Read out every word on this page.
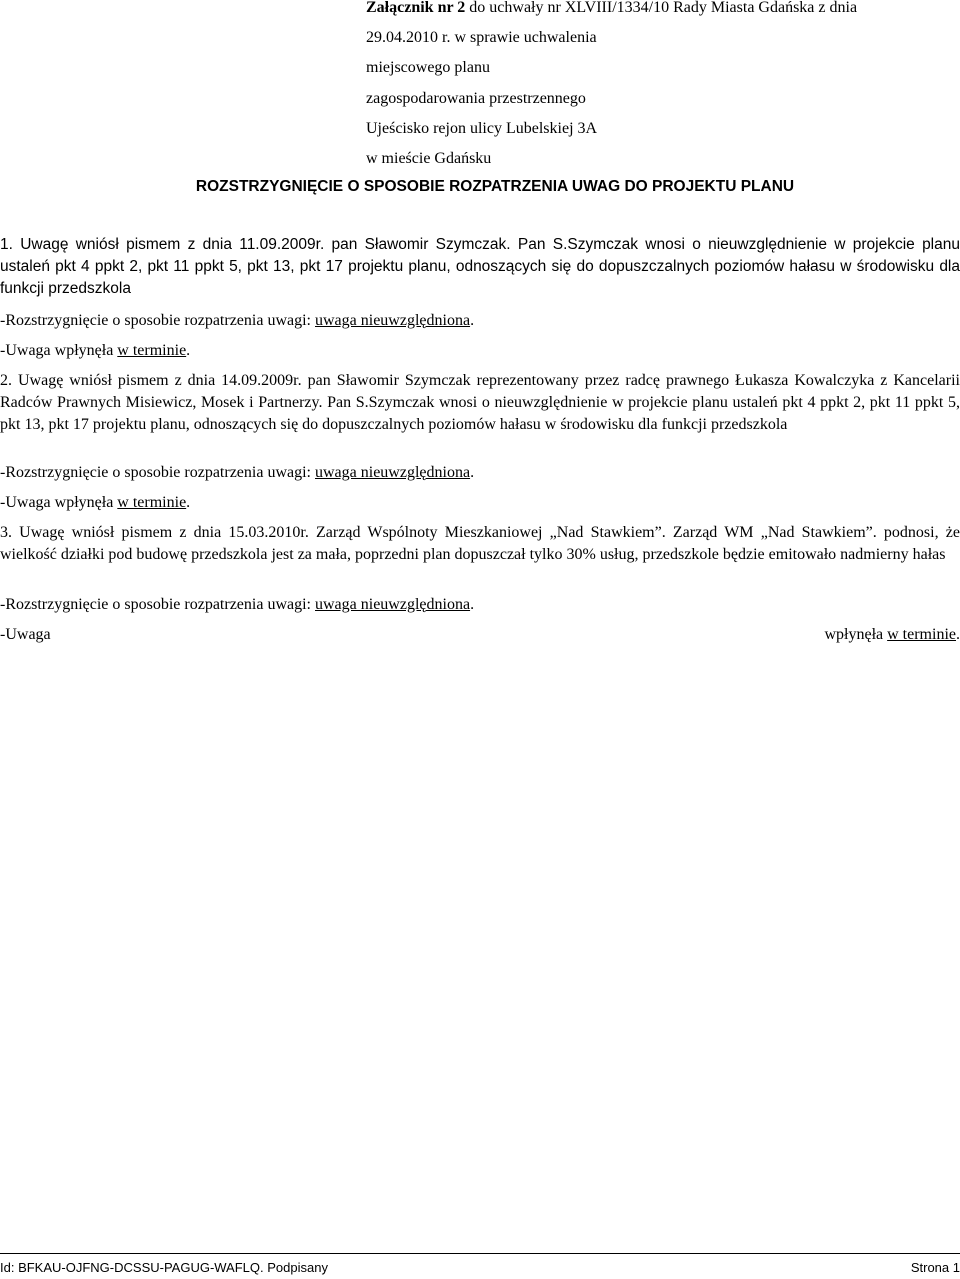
Załącznik nr 2 do uchwały nr XLVIII/1334/10 Rady Miasta Gdańska z dnia

29.04.2010 r. w sprawie uchwalenia

miejscowego planu

zagospodarowania przestrzennego

Ujeścisko rejon ulicy Lubelskiej 3A

w mieście Gdańsku

ROZSTRZYGNIĘCIE O SPOSOBIE ROZPATRZENIA UWAG DO PROJEKTU PLANU

1. Uwagę wniósł pismem z dnia 11.09.2009r. pan Sławomir Szymczak. Pan S.Szymczak wnosi o nieuwzględnienie w projekcie planu ustaleń pkt 4 ppkt 2, pkt 11 ppkt 5, pkt 13, pkt 17 projektu planu, odnoszących się do dopuszczalnych poziomów hałasu w środowisku dla funkcji przedszkola

-Rozstrzygnięcie o sposobie rozpatrzenia uwagi: uwaga nieuwzględniona.

-Uwaga wpłynęła w terminie.

2. Uwagę wniósł pismem z dnia 14.09.2009r. pan Sławomir Szymczak reprezentowany przez radcę prawnego Łukasza Kowalczyka z Kancelarii Radców Prawnych Misiewicz, Mosek i Partnerzy. Pan S.Szymczak wnosi o nieuwzględnienie w projekcie planu ustaleń pkt 4 ppkt 2, pkt 11 ppkt 5, pkt 13, pkt 17 projektu planu, odnoszących się do dopuszczalnych poziomów hałasu w środowisku dla funkcji przedszkola

-Rozstrzygnięcie o sposobie rozpatrzenia uwagi: uwaga nieuwzględniona.

-Uwaga wpłynęła w terminie.

3. Uwagę wniósł pismem z dnia 15.03.2010r. Zarząd Wspólnoty Mieszkaniowej „Nad Stawkiem”. Zarząd WM „Nad Stawkiem”. podnosi, że wielkość działki pod budowę przedszkola jest za mała, poprzedni plan dopuszczał tylko 30% usług, przedszkole będzie emitowało nadmierny hałas

-Rozstrzygnięcie o sposobie rozpatrzenia uwagi: uwaga nieuwzględniona.

-Uwaga	wpłynęła w terminie.
Id: BFKAU-OJFNG-DCSSU-PAGUG-WAFLQ. Podpisany	Strona 1
